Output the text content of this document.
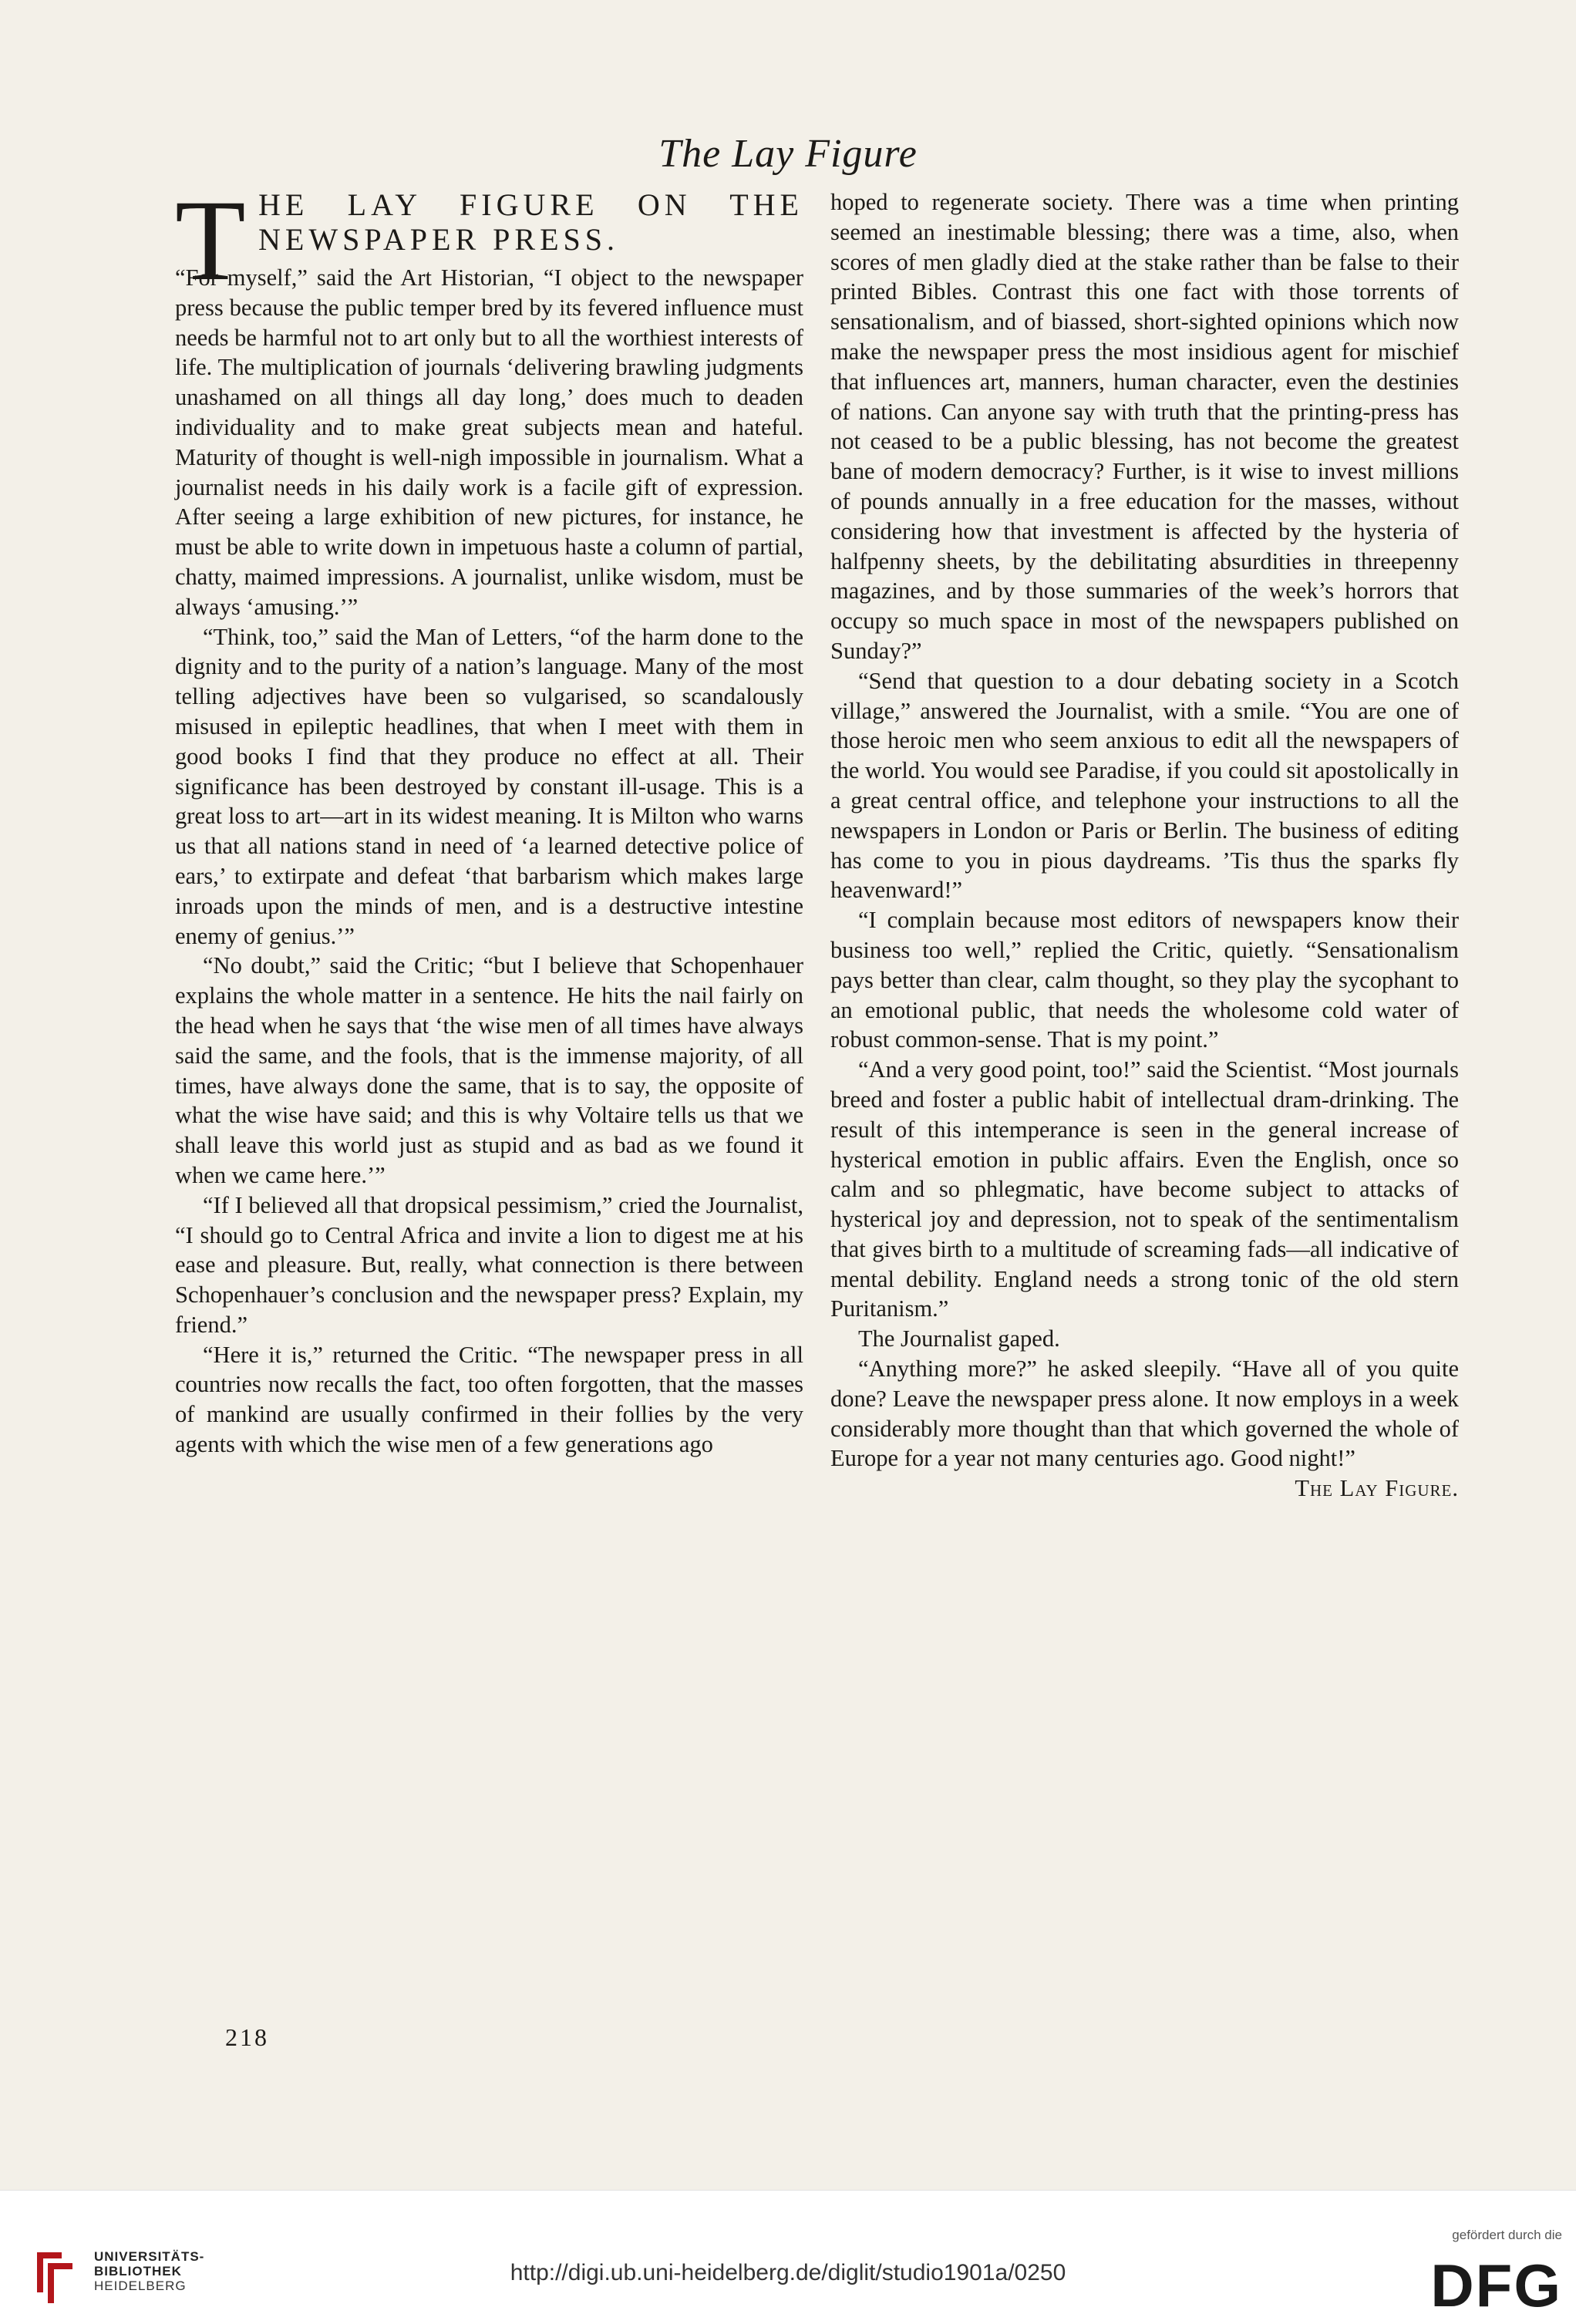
The Lay Figure
T HE LAY FIGURE ON THE NEWSPAPER PRESS.

“For myself,” said the Art Historian, “I object to the newspaper press because the public temper bred by its fevered influence must needs be harmful not to art only but to all the worthiest interests of life. The multiplication of journals ‘delivering brawling judgments unashamed on all things all day long,’ does much to deaden individuality and to make great subjects mean and hateful. Maturity of thought is well-nigh impossible in journalism. What a journalist needs in his daily work is a facile gift of expression. After seeing a large exhibition of new pictures, for instance, he must be able to write down in impetuous haste a column of partial, chatty, maimed impressions. A journalist, unlike wisdom, must be always ‘amusing.’”

“Think, too,” said the Man of Letters, “of the harm done to the dignity and to the purity of a nation’s language. Many of the most telling adjectives have been so vulgarised, so scandalously misused in epileptic headlines, that when I meet with them in good books I find that they produce no effect at all. Their significance has been destroyed by constant ill-usage. This is a great loss to art—art in its widest meaning. It is Milton who warns us that all nations stand in need of ‘a learned detective police of ears,’ to extirpate and defeat ‘that barbarism which makes large inroads upon the minds of men, and is a destructive intestine enemy of genius.’”

“No doubt,” said the Critic; “but I believe that Schopenhauer explains the whole matter in a sentence. He hits the nail fairly on the head when he says that ‘the wise men of all times have always said the same, and the fools, that is the immense majority, of all times, have always done the same, that is to say, the opposite of what the wise have said; and this is why Voltaire tells us that we shall leave this world just as stupid and as bad as we found it when we came here.’”

“If I believed all that dropsical pessimism,” cried the Journalist, “I should go to Central Africa and invite a lion to digest me at his ease and pleasure. But, really, what connection is there between Schopenhauer’s conclusion and the newspaper press? Explain, my friend.”

“Here it is,” returned the Critic. “The newspaper press in all countries now recalls the fact, too often forgotten, that the masses of mankind are usually confirmed in their follies by the very agents with which the wise men of a few generations ago

hoped to regenerate society. There was a time when printing seemed an inestimable blessing; there was a time, also, when scores of men gladly died at the stake rather than be false to their printed Bibles. Contrast this one fact with those torrents of sensationalism, and of biassed, short-sighted opinions which now make the newspaper press the most insidious agent for mischief that influences art, manners, human character, even the destinies of nations. Can anyone say with truth that the printing-press has not ceased to be a public blessing, has not become the greatest bane of modern democracy? Further, is it wise to invest millions of pounds annually in a free education for the masses, without considering how that investment is affected by the hysteria of halfpenny sheets, by the debilitating absurdities in threepenny magazines, and by those summaries of the week’s horrors that occupy so much space in most of the newspapers published on Sunday?”

“Send that question to a dour debating society in a Scotch village,” answered the Journalist, with a smile. “You are one of those heroic men who seem anxious to edit all the newspapers of the world. You would see Paradise, if you could sit apostolically in a great central office, and telephone your instructions to all the newspapers in London or Paris or Berlin. The business of editing has come to you in pious daydreams. ’Tis thus the sparks fly heavenward!”

“I complain because most editors of newspapers know their business too well,” replied the Critic, quietly. “Sensationalism pays better than clear, calm thought, so they play the sycophant to an emotional public, that needs the wholesome cold water of robust common-sense. That is my point.”

“And a very good point, too!” said the Scientist. “Most journals breed and foster a public habit of intellectual dram-drinking. The result of this intemperance is seen in the general increase of hysterical emotion in public affairs. Even the English, once so calm and so phlegmatic, have become subject to attacks of hysterical joy and depression, not to speak of the sentimentalism that gives birth to a multitude of screaming fads—all indicative of mental debility. England needs a strong tonic of the old stern Puritanism.”

The Journalist gaped.

“Anything more?” he asked sleepily. “Have all of you quite done? Leave the newspaper press alone. It now employs in a week considerably more thought than that which governed the whole of Europe for a year not many centuries ago. Good night!”
The Lay Figure.

218
UNIVERSITÄTS-
BIBLIOTHEK
HEIDELBERG
http://digi.ub.uni-heidelberg.de/diglit/studio1901a/0250
gefördert durch die
DFG
